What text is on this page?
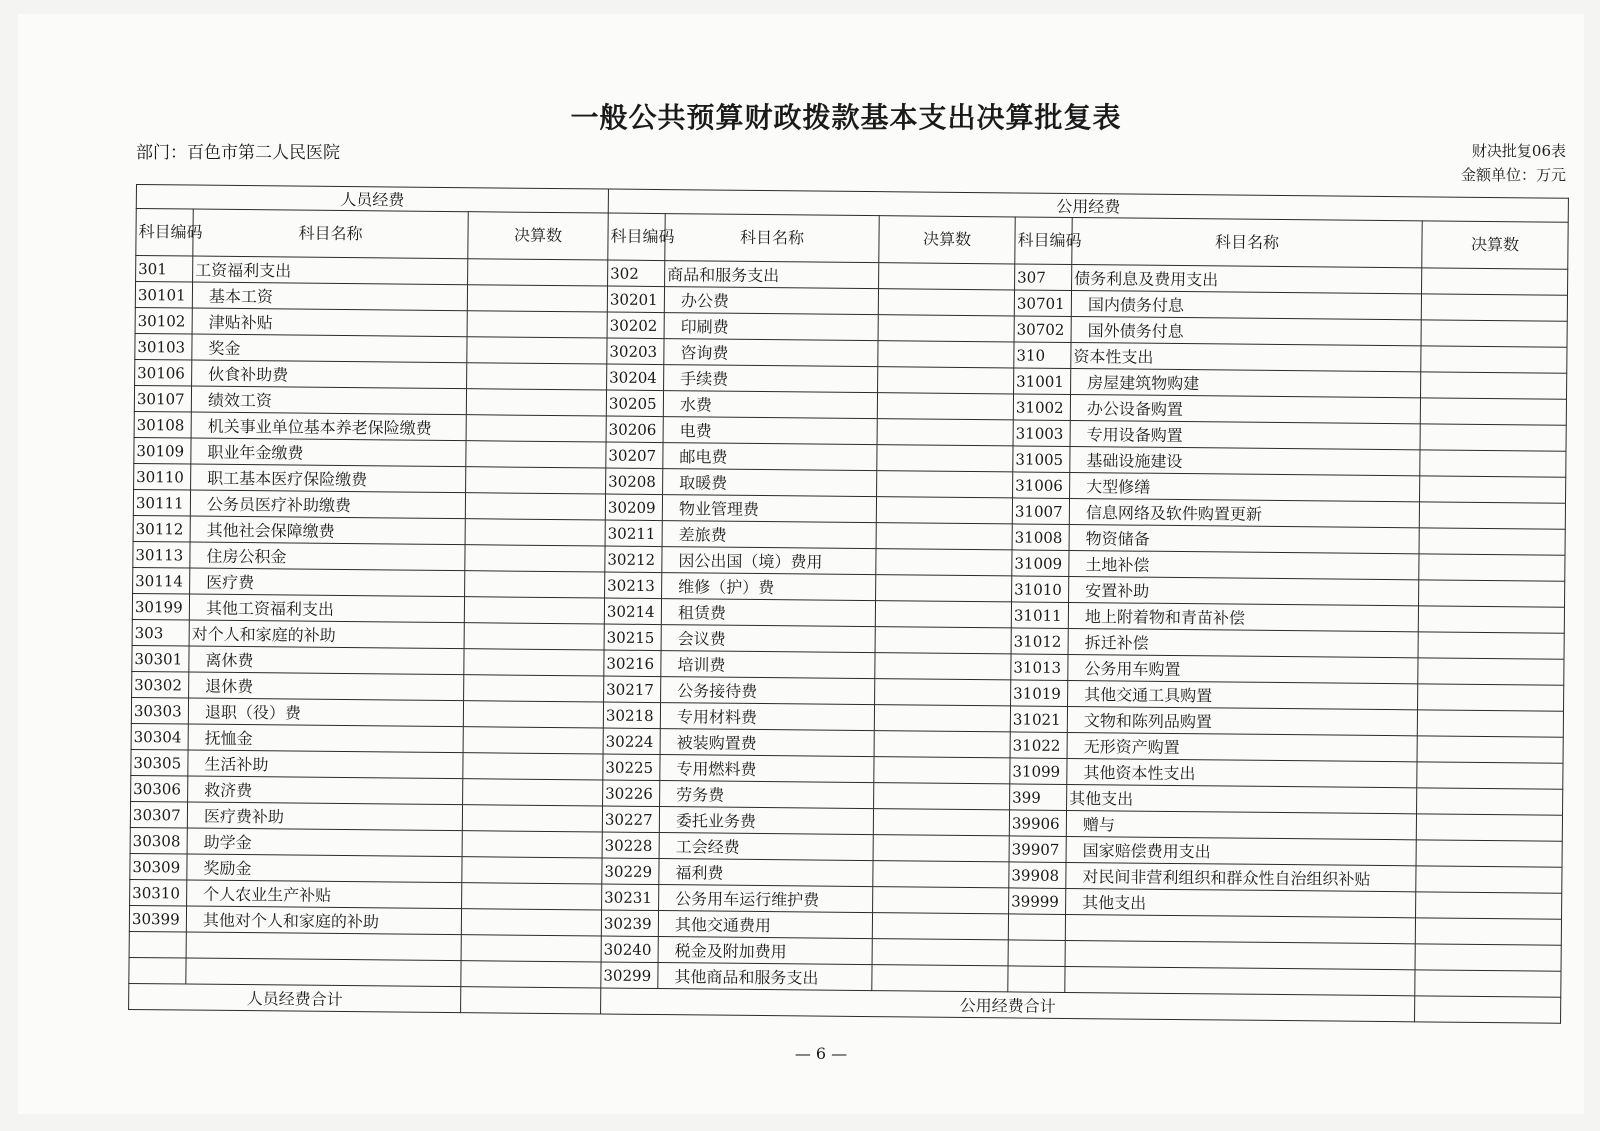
一般公共预算财政拨款基本支出决算批复表
部门：百色市第二人民医院	财决批复06表
金额单位：万元
人员经费			公用经费					
科目编码	科目名称	决算数	科目编码	科目名称	决算数	科目编码	科目名称	决算数
301	工资福利支出		302	商品和服务支出		307	债务利息及费用支出	
30101	基本工资		30201	办公费		30701	国内债务付息	
30102	津贴补贴		30202	印刷费		30702	国外债务付息	
30103	奖金		30203	咨询费		310	资本性支出	
30106	伙食补助费		30204	手续费		31001	房屋建筑物购建	
30107	绩效工资		30205	水费		31002	办公设备购置	
30108	机关事业单位基本养老保险缴费		30206	电费		31003	专用设备购置	
30109	职业年金缴费		30207	邮电费		31005	基础设施建设	
30110	职工基本医疗保险缴费		30208	取暖费		31006	大型修缮	
30111	公务员医疗补助缴费		30209	物业管理费		31007	信息网络及软件购置更新	
30112	其他社会保障缴费		30211	差旅费		31008	物资储备	
30113	住房公积金		30212	因公出国（境）费用		31009	土地补偿	
30114	医疗费		30213	维修（护）费		31010	安置补助	
30199	其他工资福利支出		30214	租赁费		31011	地上附着物和青苗补偿	
303	对个人和家庭的补助		30215	会议费		31012	拆迁补偿	
30301	离休费		30216	培训费		31013	公务用车购置	
30302	退休费		30217	公务接待费		31019	其他交通工具购置	
30303	退职（役）费		30218	专用材料费		31021	文物和陈列品购置	
30304	抚恤金		30224	被装购置费		31022	无形资产购置	
30305	生活补助		30225	专用燃料费		31099	其他资本性支出	
30306	救济费		30226	劳务费		399	其他支出	
30307	医疗费补助		30227	委托业务费		39906	赠与	
30308	助学金		30228	工会经费		39907	国家赔偿费用支出	
30309	奖励金		30229	福利费		39908	对民间非营利组织和群众性自治组织补贴	
30310	个人农业生产补贴		30231	公务用车运行维护费		39999	其他支出	
30399	其他对个人和家庭的补助		30239	其他交通费用				
			30240	税金及附加费用				
			30299	其他商品和服务支出				
人员经费合计			公用经费合计					
— 6 —
